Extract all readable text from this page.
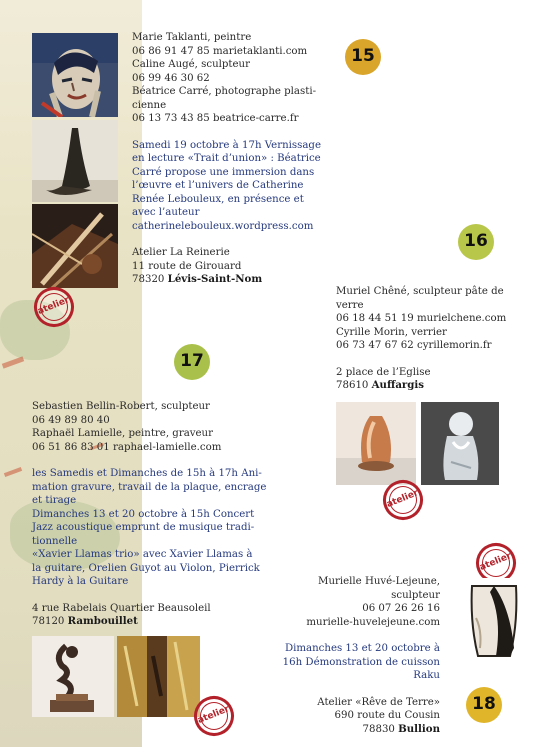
15

Marie Taklanti, peintre

06 86 91 47 85 marietaklanti.com

Caline Augé, sculpteur

06 99 46 30 62

Béatrice Carré, photographe plasti-

cienne

06 13 73 43 85 beatrice-carre.fr

Samedi 19 octobre à 17h Vernissage

en lecture «Trait d’union» : Béatrice

Carré propose une immersion dans

l’œuvre et l’univers de Catherine

Renée Lebouleux, en présence et

avec l’auteur

catherinelebouleux.wordpress.com

Atelier La Reinerie

11 route de Girouard

78320 Lévis-Saint-Nom

atelier
16

Muriel Chêné, sculpteur pâte de

verre

06 18 44 51 19 murielchene.com

Cyrille Morin, verrier

06 73 47 67 62 cyrillemorin.fr

2 place de l’Eglise

78610 Auffargis

atelier
17

Sebastien Bellin-Robert, sculpteur

06 49 89 80 40

Raphaël Lamielle, peintre, graveur

06 51 86 83 01 raphael-lamielle.com

les Samedis et Dimanches de 15h à 17h Ani-

mation gravure, travail de la plaque, encrage

et tirage

Dimanches 13 et 20 octobre à 15h Concert

Jazz acoustique emprunt de musique tradi-

tionnelle

«Xavier Llamas trio» avec Xavier Llamas à

la guitare, Orelien Guyot au Violon, Pierrick

Hardy à la Guitare

4 rue Rabelais Quartier Beausoleil

78120 Rambouillet

atelier
atelier

Murielle Huvé-Lejeune,

sculpteur

06 07 26 26 16

murielle-huvelejeune.com

Dimanches 13 et 20 octobre à

16h Démonstration de cuisson

Raku

Atelier «Rêve de Terre»

690 route du Cousin

78830 Bullion

18
